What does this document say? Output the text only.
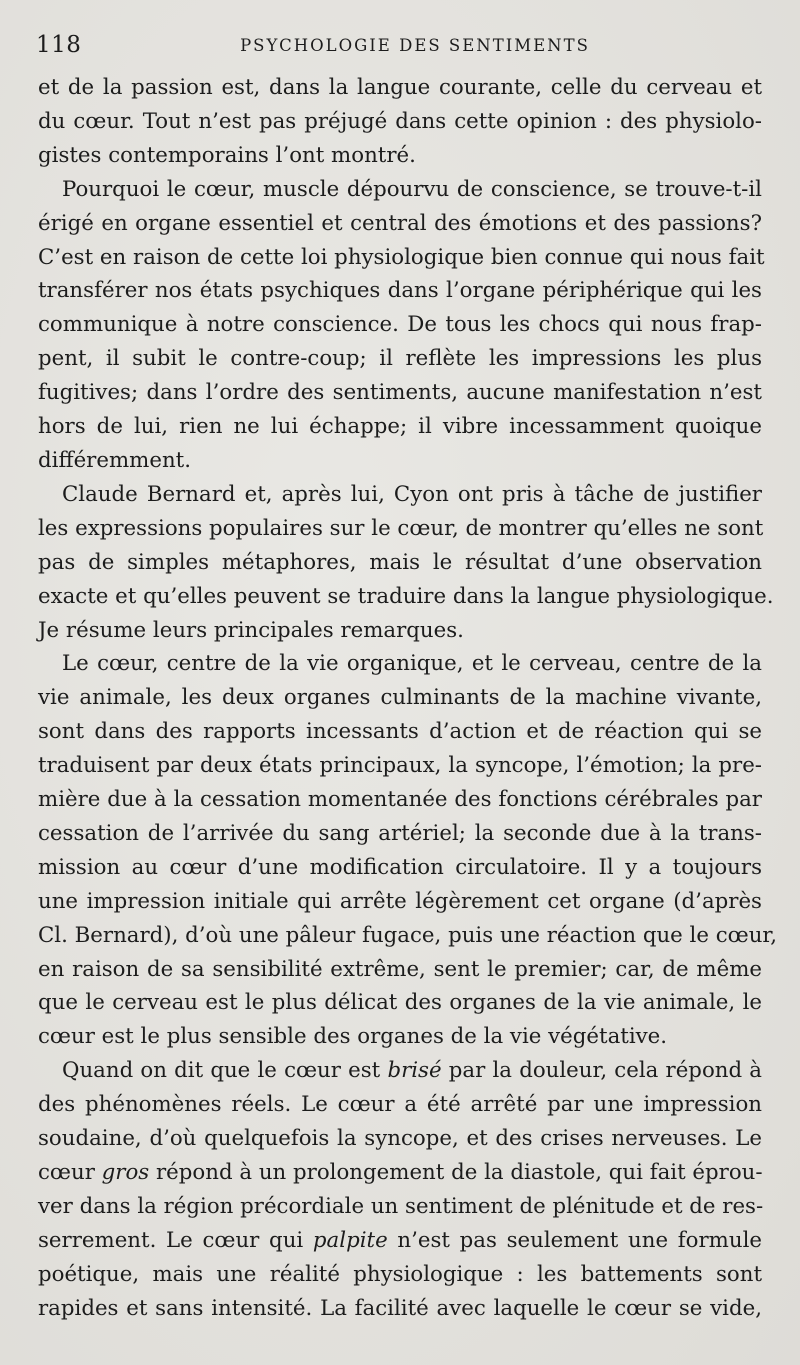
118	PSYCHOLOGIE DES SENTIMENTS

et de la passion est, dans la langue courante, celle du cerveau et
du cœur. Tout n’est pas préjugé dans cette opinion : des physiolo-
gistes contemporains l’ont montré.

Pourquoi le cœur, muscle dépourvu de conscience, se trouve-t-il
érigé en organe essentiel et central des émotions et des passions?
C’est en raison de cette loi physiologique bien connue qui nous fait
transférer nos états psychiques dans l’organe périphérique qui les
communique à notre conscience. De tous les chocs qui nous frap-
pent, il subit le contre-coup; il reflète les impressions les plus
fugitives; dans l’ordre des sentiments, aucune manifestation n’est
hors de lui, rien ne lui échappe; il vibre incessamment quoique
différemment.

Claude Bernard et, après lui, Cyon ont pris à tâche de justifier
les expressions populaires sur le cœur, de montrer qu’elles ne sont
pas de simples métaphores, mais le résultat d’une observation
exacte et qu’elles peuvent se traduire dans la langue physiologique.
Je résume leurs principales remarques.

Le cœur, centre de la vie organique, et le cerveau, centre de la
vie animale, les deux organes culminants de la machine vivante,
sont dans des rapports incessants d’action et de réaction qui se
traduisent par deux états principaux, la syncope, l’émotion; la pre-
mière due à la cessation momentanée des fonctions cérébrales par
cessation de l’arrivée du sang artériel; la seconde due à la trans-
mission au cœur d’une modification circulatoire. Il y a toujours
une impression initiale qui arrête légèrement cet organe (d’après
Cl. Bernard), d’où une pâleur fugace, puis une réaction que le cœur,
en raison de sa sensibilité extrême, sent le premier; car, de même
que le cerveau est le plus délicat des organes de la vie animale, le
cœur est le plus sensible des organes de la vie végétative.

Quand on dit que le cœur est brisé par la douleur, cela répond à
des phénomènes réels. Le cœur a été arrêté par une impression
soudaine, d’où quelquefois la syncope, et des crises nerveuses. Le
cœur gros répond à un prolongement de la diastole, qui fait éprou-
ver dans la région précordiale un sentiment de plénitude et de res-
serrement. Le cœur qui palpite n’est pas seulement une formule
poétique, mais une réalité physiologique : les battements sont
rapides et sans intensité. La facilité avec laquelle le cœur se vide,
